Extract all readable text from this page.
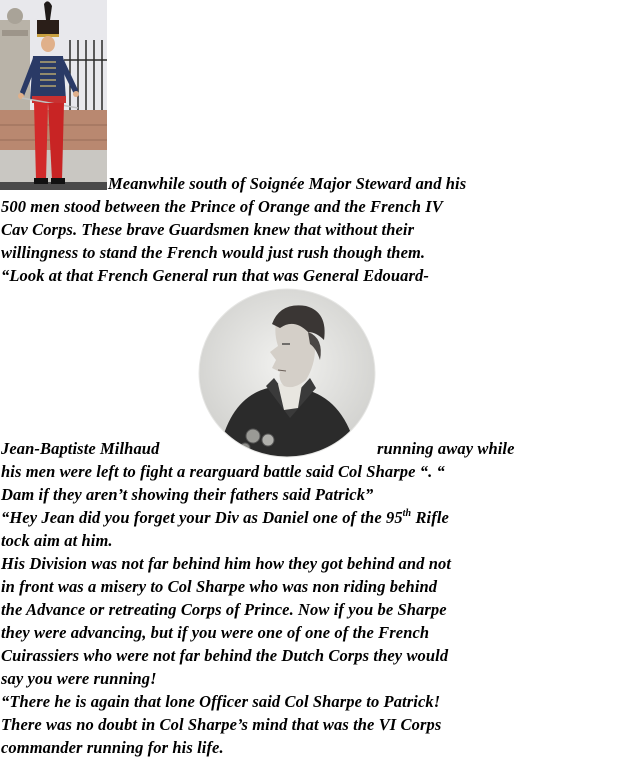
Meanwhile south of Soignée Major Steward and his
500 men stood between the Prince of Orange and the French IV
Cav Corps. These brave Guardsmen knew that without their
willingness to stand the French would just rush though them.
“Look at that French General run that was General Edouard-
Jean-Baptiste Milhaud	running away while
his men were left to fight a rearguard battle said Col Sharpe “. “
Dam if they aren’t showing their fathers said Patrick”
“Hey Jean did you forget your Div as Daniel one of the 95th Rifle
tock aim at him.
His Division was not far behind him how they got behind and not
in front was a misery to Col Sharpe who was non riding behind
the Advance or retreating Corps of Prince. Now if you be Sharpe
they were advancing, but if you were one of one of the French
Cuirassiers who were not far behind the Dutch Corps they would
say you were running!
“There he is again that lone Officer said Col Sharpe to Patrick!
There was no doubt in Col Sharpe’s mind that was the VI Corps
commander running for his life.
